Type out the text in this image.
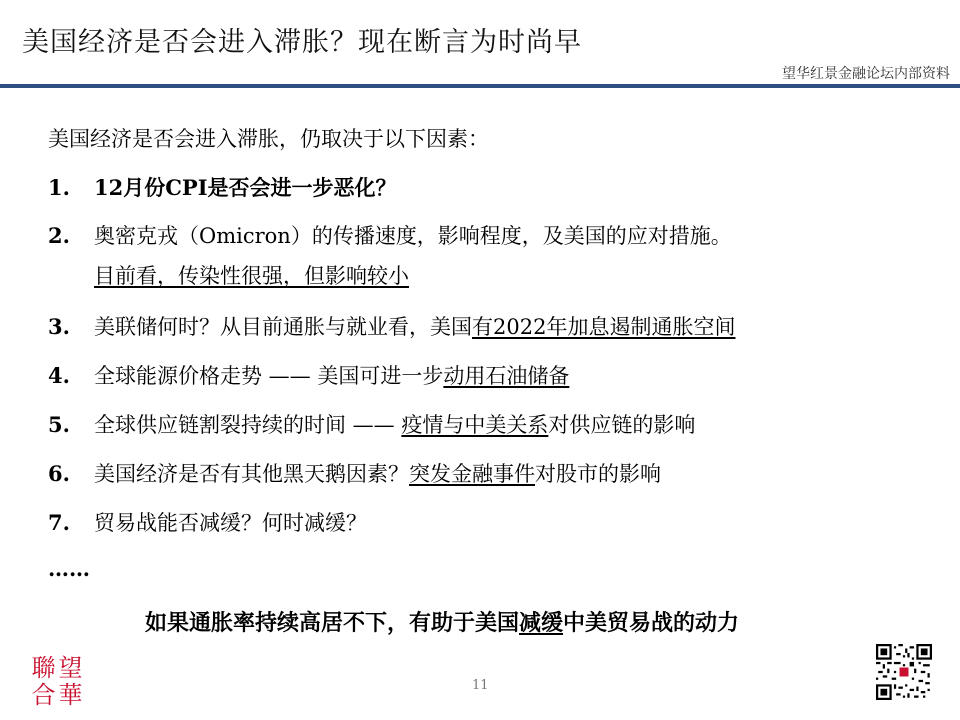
美国经济是否会进入滞胀？现在断言为时尚早
望华红景金融论坛内部资料
美国经济是否会进入滞胀，仍取决于以下因素：
1. 12月份CPI是否会进一步恶化？
2. 奥密克戎（Omicron）的传播速度，影响程度，及美国的应对措施。
目前看，传染性很强，但影响较小
3. 美联储何时？从目前通胀与就业看，美国有2022年加息遏制通胀空间
4. 全球能源价格走势 —— 美国可进一步动用石油储备
5. 全球供应链割裂持续的时间 —— 疫情与中美关系对供应链的影响
6. 美国经济是否有其他黑天鹅因素？突发金融事件对股市的影响
7. 贸易战能否减缓？何时减缓？
……
如果通胀率持续高居不下，有助于美国减缓中美贸易战的动力
聯 望
合 華	11
